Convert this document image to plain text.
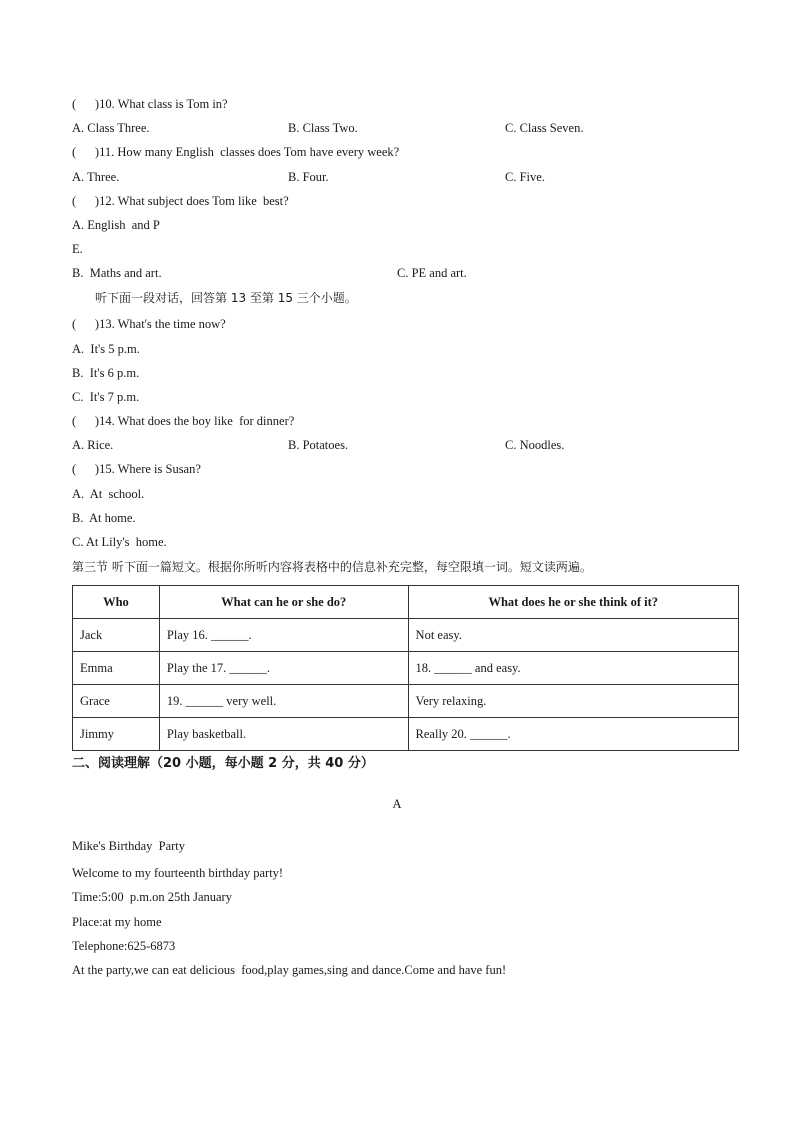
(      )10. What class is Tom in?
A. Class Three.	B. Class Two.	C. Class Seven.
(      )11. How many English  classes does Tom have every week?
A. Three.	B. Four.	C. Five.
(      )12. What subject does Tom like  best?
A. English  and P
E.
B.  Maths and art.	C. PE and art.
听下面一段对话，回答第 13 至第 15 三个小题。
(      )13. What's the time now?
A.  It's 5 p.m.
B.  It's 6 p.m.
C.  It's 7 p.m.
(      )14. What does the boy like  for dinner?
A. Rice.	B. Potatoes.	C. Noodles.
(      )15. Where is Susan?
A.  At  school.
B.  At home.
C. At Lily's  home.
第三节 听下面一篇短文。根据你所听内容将表格中的信息补充完整，每空限填一词。短文读两遍。
Who	What can he or she do?	What does he or she think of it?
Jack	Play 16. ______.	Not easy.
Emma	Play the 17. ______.	18. ______ and easy.
Grace	19. ______ very well.	Very relaxing.
Jimmy	Play basketball.	Really 20. ______.
二、阅读理解（20 小题，每小题 2 分，共 40 分）
A
Mike's Birthday  Party
Welcome to my fourteenth birthday party!
Time:5:00  p.m.on 25th January
Place:at my home
Telephone:625-6873
At the party,we can eat delicious  food,play games,sing and dance.Come and have fun!
